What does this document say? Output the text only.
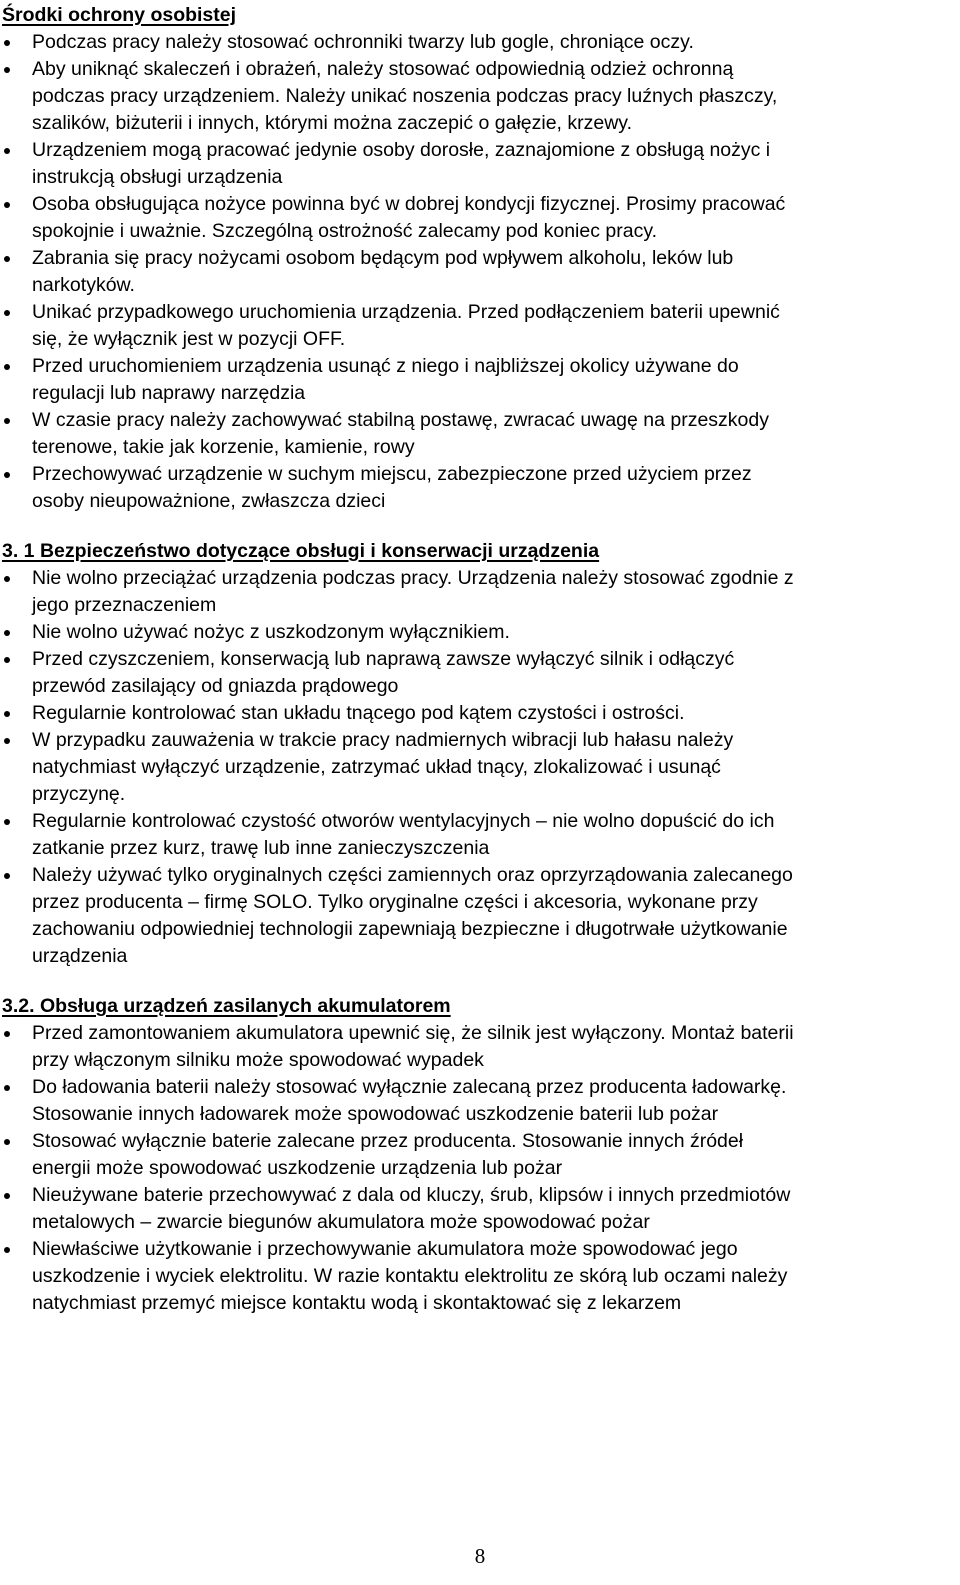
Środki ochrony osobistej
Podczas pracy należy stosować ochronniki twarzy lub gogle, chroniące oczy.
Aby uniknąć skaleczeń i obrażeń, należy stosować odpowiednią odzież ochronną
podczas pracy urządzeniem. Należy unikać noszenia podczas pracy luźnych płaszczy,
szalików, biżuterii i innych, którymi można zaczepić o gałęzie, krzewy.
Urządzeniem mogą pracować jedynie osoby dorosłe, zaznajomione z obsługą nożyc i
instrukcją obsługi urządzenia
Osoba obsługująca nożyce powinna być w dobrej kondycji fizycznej. Prosimy pracować
spokojnie i uważnie. Szczególną ostrożność zalecamy pod koniec pracy.
Zabrania się pracy nożycami osobom będącym pod wpływem alkoholu, leków lub
narkotyków.
Unikać przypadkowego uruchomienia urządzenia. Przed podłączeniem baterii upewnić
się, że wyłącznik jest w pozycji OFF.
Przed uruchomieniem urządzenia usunąć z niego i najbliższej okolicy używane do
regulacji lub naprawy narzędzia
W czasie pracy należy zachowywać stabilną postawę, zwracać uwagę na przeszkody
terenowe, takie jak korzenie, kamienie, rowy
Przechowywać urządzenie w suchym miejscu, zabezpieczone przed użyciem przez
osoby nieupoważnione, zwłaszcza dzieci
3. 1 Bezpieczeństwo dotyczące obsługi i konserwacji urządzenia
Nie wolno przeciążać urządzenia podczas pracy. Urządzenia należy stosować zgodnie z
jego przeznaczeniem
Nie wolno używać nożyc z uszkodzonym wyłącznikiem.
Przed czyszczeniem, konserwacją lub naprawą zawsze wyłączyć silnik i odłączyć
przewód zasilający od gniazda prądowego
Regularnie kontrolować stan układu tnącego pod kątem czystości i ostrości.
W przypadku zauważenia w trakcie pracy nadmiernych wibracji lub hałasu należy
natychmiast wyłączyć urządzenie, zatrzymać układ tnący, zlokalizować i usunąć
przyczynę.
Regularnie kontrolować czystość otworów wentylacyjnych – nie wolno dopuścić do ich
zatkanie przez kurz, trawę lub inne zanieczyszczenia
Należy używać tylko oryginalnych części zamiennych oraz oprzyrządowania zalecanego
przez producenta – firmę SOLO. Tylko oryginalne części i akcesoria, wykonane przy
zachowaniu odpowiedniej technologii zapewniają bezpieczne i długotrwałe użytkowanie
urządzenia
3.2. Obsługa urządzeń zasilanych akumulatorem
Przed zamontowaniem akumulatora upewnić się, że silnik jest wyłączony. Montaż baterii
przy włączonym silniku może spowodować wypadek
Do ładowania baterii należy stosować wyłącznie zalecaną przez producenta ładowarkę.
Stosowanie innych ładowarek może spowodować uszkodzenie baterii lub pożar
Stosować wyłącznie baterie zalecane przez producenta. Stosowanie innych źródeł
energii może spowodować uszkodzenie urządzenia lub pożar
Nieużywane baterie przechowywać z dala od kluczy, śrub, klipsów i innych przedmiotów
metalowych – zwarcie biegunów akumulatora może spowodować pożar
Niewłaściwe użytkowanie i przechowywanie akumulatora może spowodować jego
uszkodzenie i wyciek elektrolitu. W razie kontaktu elektrolitu ze skórą lub oczami należy
natychmiast przemyć miejsce kontaktu wodą i skontaktować się z lekarzem
8
